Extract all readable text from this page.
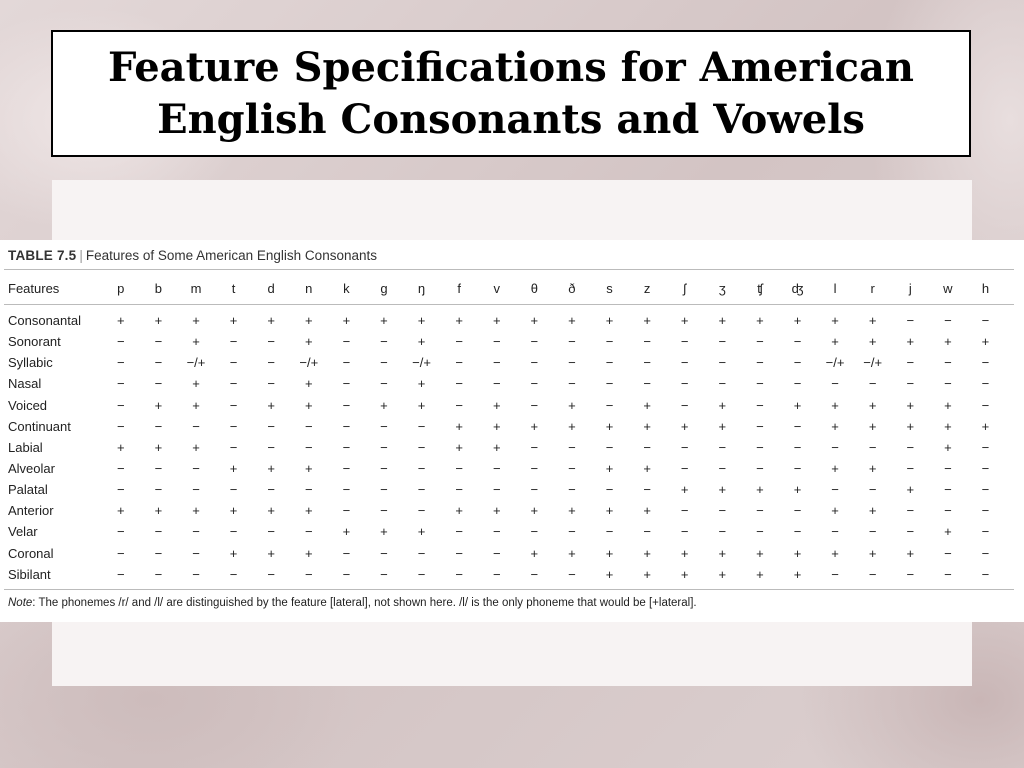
Feature Specifications for American English Consonants and Vowels
TABLE 7.5 | Features of Some American English Consonants
Features	p	b	m	t	d	n	k	g	ŋ	f	v	θ	ð	s	z	ʃ	ʒ	ʧ	ʤ	l	r	j	w	h
Consonantal	+	+	+	+	+	+	+	+	+	+	+	+	+	+	+	+	+	+	+	+	+	−	−	−
Sonorant	−	−	+	−	−	+	−	−	+	−	−	−	−	−	−	−	−	−	−	+	+	+	+	+
Syllabic	−	−	−/+	−	−	−/+	−	−	−/+	−	−	−	−	−	−	−	−	−	−	−/+	−/+	−	−	−
Nasal	−	−	+	−	−	+	−	−	+	−	−	−	−	−	−	−	−	−	−	−	−	−	−	−
Voiced	−	+	+	−	+	+	−	+	+	−	+	−	+	−	+	−	+	−	+	+	+	+	+	−
Continuant	−	−	−	−	−	−	−	−	−	+	+	+	+	+	+	+	+	−	−	+	+	+	+	+
Labial	+	+	+	−	−	−	−	−	−	+	+	−	−	−	−	−	−	−	−	−	−	−	+	−
Alveolar	−	−	−	+	+	+	−	−	−	−	−	−	−	+	+	−	−	−	−	+	+	−	−	−
Palatal	−	−	−	−	−	−	−	−	−	−	−	−	−	−	−	+	+	+	+	−	−	+	−	−
Anterior	+	+	+	+	+	+	−	−	−	+	+	+	+	+	+	−	−	−	−	+	+	−	−	−
Velar	−	−	−	−	−	−	+	+	+	−	−	−	−	−	−	−	−	−	−	−	−	−	+	−
Coronal	−	−	−	+	+	+	−	−	−	−	−	+	+	+	+	+	+	+	+	+	+	+	−	−
Sibilant	−	−	−	−	−	−	−	−	−	−	−	−	−	+	+	+	+	+	+	−	−	−	−	−
Note: The phonemes /r/ and /l/ are distinguished by the feature [lateral], not shown here. /l/ is the only phoneme that would be [+lateral].
